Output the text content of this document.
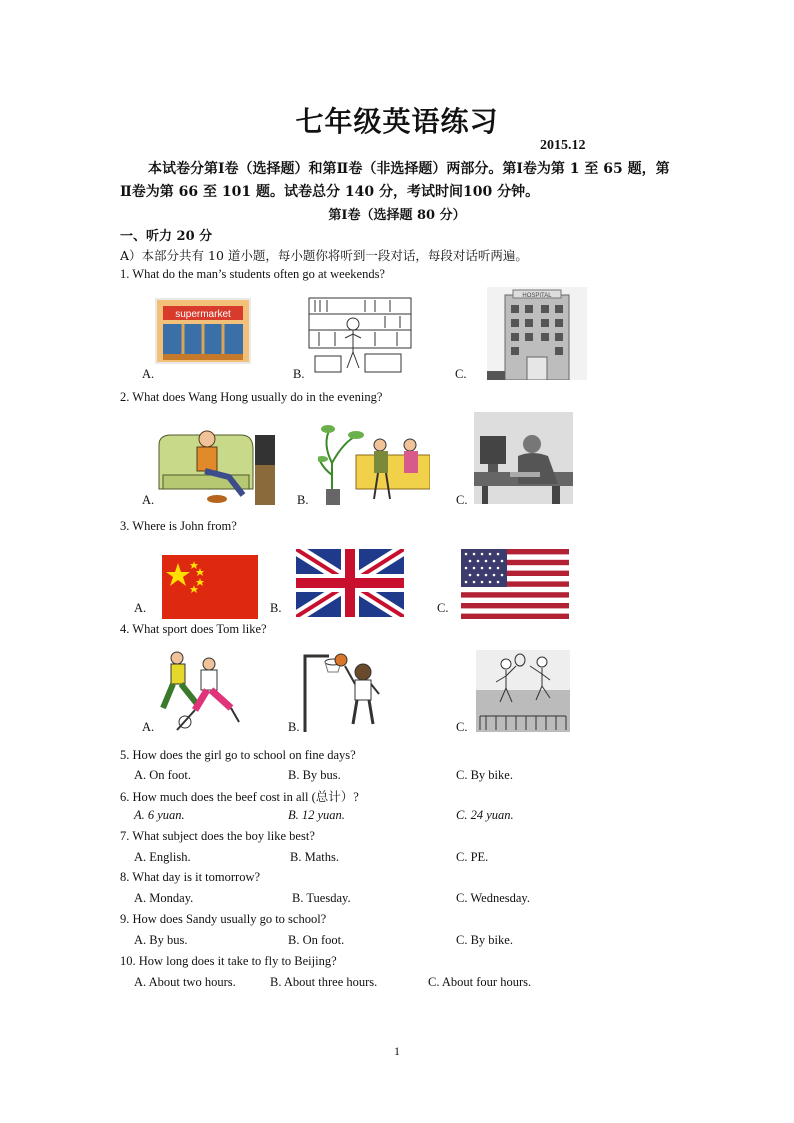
七年级英语练习
2015.12
本试卷分第Ⅰ卷（选择题）和第Ⅱ卷（非选择题）两部分。第Ⅰ卷为第 1 至 65 题，第
Ⅱ卷为第 66 至 101 题。试卷总分 140 分，考试时间100 分钟。
第Ⅰ卷（选择题 80 分）
一、听力 20 分
A）本部分共有 10 道小题，每小题你将听到一段对话，每段对话听两遍。
1. What do the man’s students often go at weekends?
supermarket
HOSPITAL
A.	B.	C.
2. What does Wang Hong usually do in the evening?
A.	B.	C.
3. Where is John from?
A.	B.	C.
4. What sport does Tom like?
A.	B.	C.
5. How does the girl go to school on fine days?
A. On foot.	B. By bus.	C. By bike.
6. How much does the beef cost in all (总计）?
A. 6 yuan.	B. 12 yuan.	C. 24 yuan.
7. What subject does the boy like best?
A. English.	B. Maths.	C. PE.
8. What day is it tomorrow?
A. Monday.	B. Tuesday.	C. Wednesday.
9. How does Sandy usually go to school?
A. By bus.	B. On foot.	C. By bike.
10. How long does it take to fly to Beijing?
A. About two hours.	B. About three hours.	C. About four hours.
1
